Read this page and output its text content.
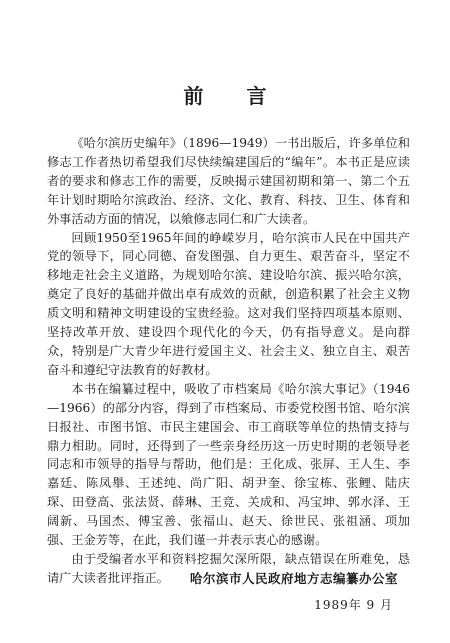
前 言

《哈尔滨历史编年》（1896—1949）一书出版后，许多单位和修志工作者热切希望我们尽快续编建国后的“编年”。本书正是应读者的要求和修志工作的需要，反映揭示建国初期和第一、第二个五年计划时期哈尔滨政治、经济、文化、教育、科技、卫生、体育和外事活动方面的情况，以飨修志同仁和广大读者。

回顾1950至1965年间的峥嵘岁月，哈尔滨市人民在中国共产党的领导下，同心同德、奋发图强、自力更生、艰苦奋斗，坚定不移地走社会主义道路，为规划哈尔滨、建设哈尔滨、振兴哈尔滨，奠定了良好的基础并做出卓有成效的贡献，创造积累了社会主义物质文明和精神文明建设的宝贵经验。这对我们坚持四项基本原则、坚持改革开放、建设四个现代化的今天，仍有指导意义。是向群众，特别是广大青少年进行爱国主义、社会主义、独立自主、艰苦奋斗和遵纪守法教育的好教材。

本书在编纂过程中，吸收了市档案局《哈尔滨大事记》（1946—1966）的部分内容，得到了市档案局、市委党校图书馆、哈尔滨日报社、市图书馆、市民主建国会、市工商联等单位的热情支持与鼎力相助。同时，还得到了一些亲身经历这一历史时期的老领导老同志和市领导的指导与帮助，他们是：王化成、张屏、王人生、李嘉廷、陈凤舉、王述纯、尚广阳、胡尹奎、徐宝栋、张鲤、陆庆琛、田登高、张法贤、薛琳、王竞、关成和、冯宝坤、郭水泽、王阔新、马国杰、傅宝善、张福山、赵天、徐世民、张祖涵、项加强、王金芳等，在此，我们谨一并表示衷心的感谢。

由于受编者水平和资料挖掘欠深所限，缺点错误在所难免，恳请广大读者批评指正。	哈尔滨市人民政府地方志编纂办公室
1989年 9 月
